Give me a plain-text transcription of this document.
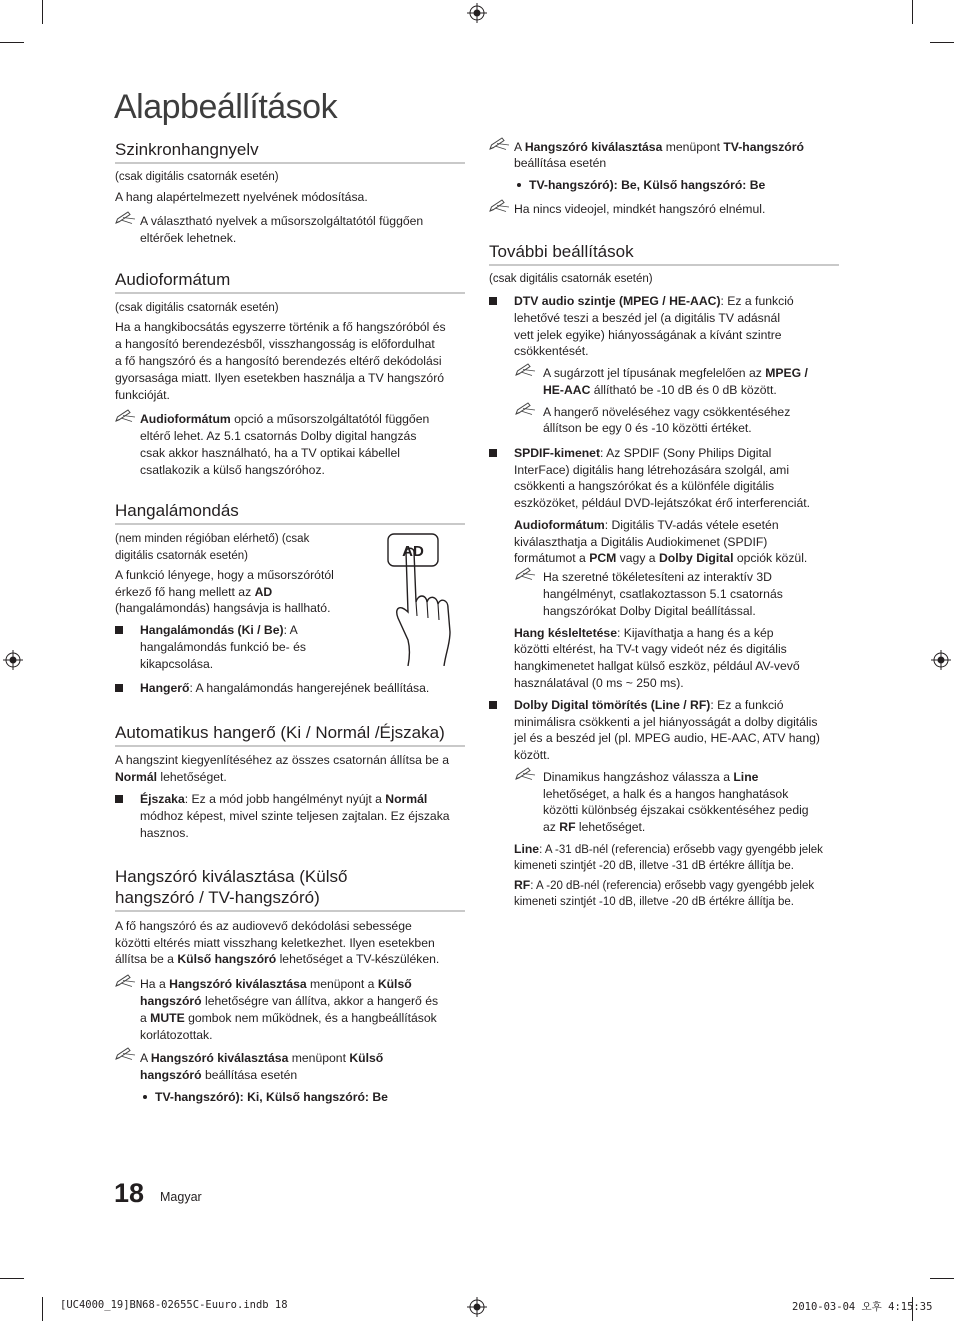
Alapbeállítások
Szinkronhangnyelv
(csak digitális csatornák esetén)
A hang alapértelmezett nyelvének módosítása.
A választható nyelvek a műsorszolgáltatótól függően
eltérőek lehetnek.
Audioformátum
(csak digitális csatornák esetén)
Ha a hangkibocsátás egyszerre történik a fő hangszóróból és
a hangosító berendezésből, visszhangosság is előfordulhat
a fő hangszóró és a hangosító berendezés eltérő dekódolási
gyorsasága miatt. Ilyen esetekben használja a TV hangszóró
funkcióját.
Audioformátum opció a műsorszolgáltatótól függően
eltérő lehet. Az 5.1 csatornás Dolby digital hangzás
csak akkor használható, ha a TV optikai kábellel
csatlakozik a külső hangszóróhoz.
Hangalámondás
(nem minden régióban elérhető) (csak
digitális csatornák esetén)
A funkció lényege, hogy a műsorszórótól
érkező fő hang mellett az AD
(hangalámondás) hangsávja is hallható.
Hangalámondás (Ki / Be): A
hangalámondás funkció be- és
kikapcsolása.
Hangerő: A hangalámondás hangerejének beállítása.
AD
Automatikus hangerő (Ki / Normál /Éjszaka)
A hangszint kiegyenlítéséhez az összes csatornán állítsa be a
Normál lehetőséget.
Éjszaka: Ez a mód jobb hangélményt nyújt a Normál
módhoz képest, mivel szinte teljesen zajtalan. Ez éjszaka
hasznos.
Hangszóró kiválasztása (Külső
hangszóró / TV-hangszóró)
A fő hangszóró és az audiovevő dekódolási sebessége
közötti eltérés miatt visszhang keletkezhet. Ilyen esetekben
állítsa be a Külső hangszóró lehetőséget a TV-készüléken.
Ha a Hangszóró kiválasztása menüpont a Külső
hangszóró lehetőségre van állítva, akkor a hangerő és
a MUTE gombok nem működnek, és a hangbeállítások
korlátozottak.
A Hangszóró kiválasztása menüpont Külső
hangszóró beállítása esetén
TV-hangszóró): Ki, Külső hangszóró: Be
18 Magyar
A Hangszóró kiválasztása menüpont TV-hangszóró
beállítása esetén
TV-hangszóró): Be, Külső hangszóró: Be
Ha nincs videojel, mindkét hangszóró elnémul.
További beállítások
(csak digitális csatornák esetén)
DTV audio szintje (MPEG / HE-AAC): Ez a funkció
lehetővé teszi a beszéd jel (a digitális TV adásnál
vett jelek egyike) hiányosságának a kívánt szintre
csökkentését.
A sugárzott jel típusának megfelelően az MPEG /
HE-AAC állítható be -10 dB és 0 dB között.
A hangerő növeléséhez vagy csökkentéséhez
állítson be egy 0 és -10 közötti értéket.
SPDIF-kimenet: Az SPDIF (Sony Philips Digital
InterFace) digitális hang létrehozására szolgál, ami
csökkenti a hangszórókat és a különféle digitális
eszközöket, például DVD-lejátszókat érő interferenciát.
Audioformátum: Digitális TV-adás vétele esetén
kiválaszthatja a Digitális Audiokimenet (SPDIF)
formátumot a PCM vagy a Dolby Digital opciók közül.
Ha szeretné tökéletesíteni az interaktív 3D
hangélményt, csatlakoztasson 5.1 csatornás
hangszórókat Dolby Digital beállítással.
Hang késleltetése: Kijavíthatja a hang és a kép
közötti eltérést, ha TV-t vagy videót néz és digitális
hangkimenetet hallgat külső eszköz, például AV-vevő
használatával (0 ms ~ 250 ms).
Dolby Digital tömörítés (Line / RF): Ez a funkció
minimálisra csökkenti a jel hiányosságát a dolby digitális
jel és a beszéd jel (pl. MPEG audio, HE-AAC, ATV hang)
között.
Dinamikus hangzáshoz válassza a Line
lehetőséget, a halk és a hangos hanghatások
közötti különbség éjszakai csökkentéséhez pedig
az RF lehetőséget.
Line: A -31 dB-nél (referencia) erősebb vagy gyengébb jelek
kimeneti szintjét -20 dB, illetve -31 dB értékre állítja be.
RF: A -20 dB-nél (referencia) erősebb vagy gyengébb jelek
kimeneti szintjét -10 dB, illetve -20 dB értékre állítja be.
[UC4000_19]BN68-02655C-Euuro.indb 18	2010-03-04 오후 4:15:35
